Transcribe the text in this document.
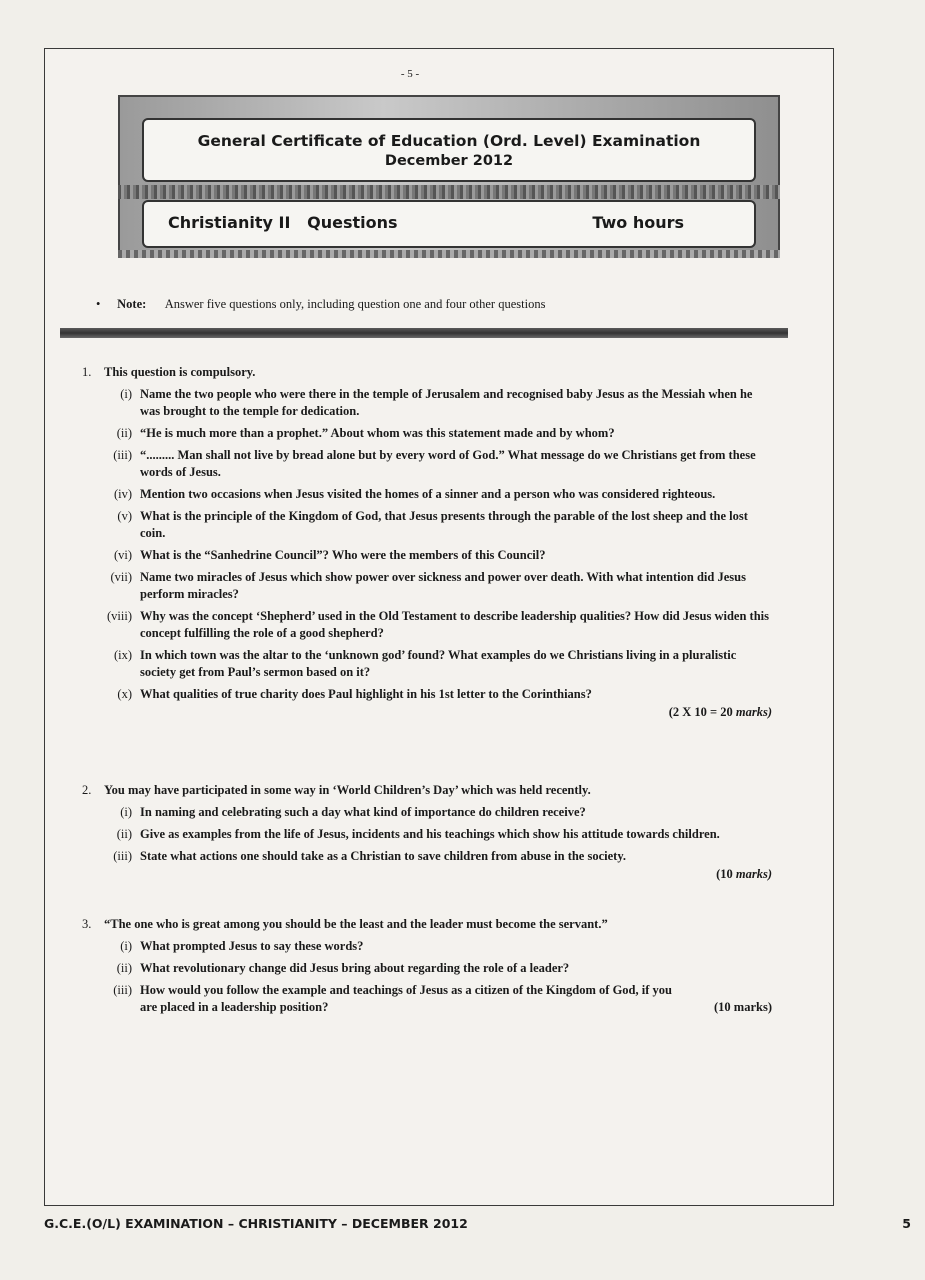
- 5 -
General Certificate of Education (Ord. Level) Examination
December 2012
Christianity II   Questions	Two hours
• Note: Answer five questions only, including question one and four other questions
1. This question is compulsory.
(i) Name the two people who were there in the temple of Jerusalem and recognised baby Jesus as the Messiah when he was brought to the temple for dedication.
(ii) “He is much more than a prophet.” About whom was this statement made and by whom?
(iii) “......... Man shall not live by bread alone but by every word of God.” What message do we Christians get from these words of Jesus.
(iv) Mention two occasions when Jesus visited the homes of a sinner and a person who was considered righteous.
(v) What is the principle of the Kingdom of God, that Jesus presents through the parable of the lost sheep and the lost coin.
(vi) What is the “Sanhedrine Council”? Who were the members of this Council?
(vii) Name two miracles of Jesus which show power over sickness and power over death. With what intention did Jesus perform miracles?
(viii) Why was the concept ‘Shepherd’ used in the Old Testament to describe leadership qualities? How did Jesus widen this concept fulfilling the role of a good shepherd?
(ix) In which town was the altar to the ‘unknown god’ found? What examples do we Christians living in a pluralistic society get from Paul’s sermon based on it?
(x) What qualities of true charity does Paul highlight in his 1st letter to the Corinthians?
(2 X 10 = 20 marks)
2. You may have participated in some way in ‘World Children’s Day’ which was held recently.
(i) In naming and celebrating such a day what kind of importance do children receive?
(ii) Give as examples from the life of Jesus, incidents and his teachings which show his attitude towards children.
(iii) State what actions one should take as a Christian to save children from abuse in the society.
(10 marks)
3. “The one who is great among you should be the least and the leader must become the servant.”
(i) What prompted Jesus to say these words?
(ii) What revolutionary change did Jesus bring about regarding the role of a leader?
(iii) How would you follow the example and teachings of Jesus as a citizen of the Kingdom of God, if you
are placed in a leadership position?	(10 marks)
G.C.E.(O/L) EXAMINATION – CHRISTIANITY – DECEMBER 2012	5
